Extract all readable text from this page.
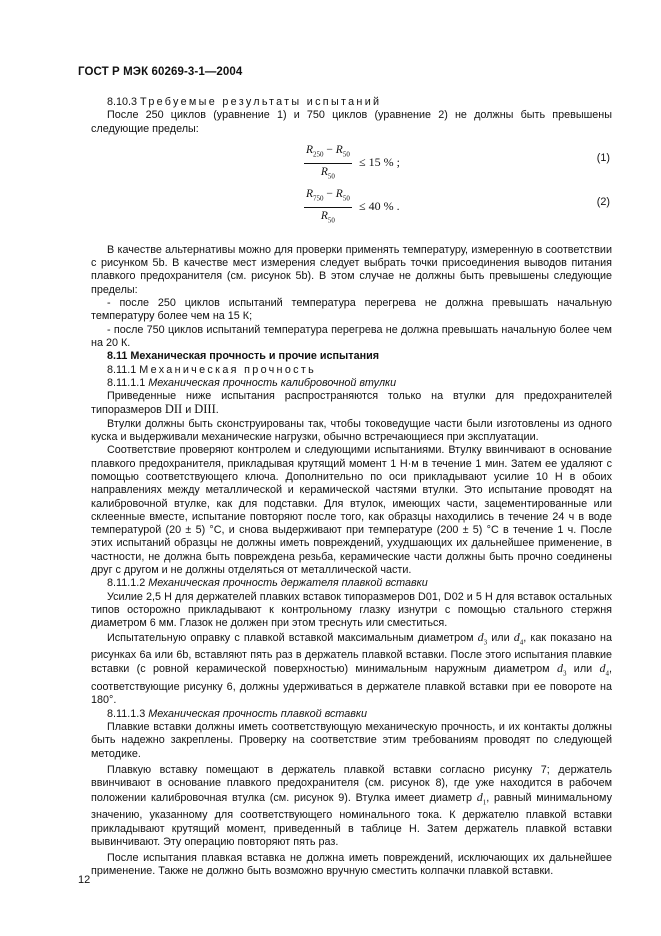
ГОСТ Р МЭК 60269-3-1—2004

8.10.3 Требуемые результаты испытаний

После 250 циклов (уравнение 1) и 750 циклов (уравнение 2) не должны быть превышены следующие пределы:

$\frac{R_{250} - R_{50}}{R_{50}} \le 15$ % ;	(1)
$\frac{R_{750} - R_{50}}{R_{50}} \le 40$ % .	(2)

В качестве альтернативы можно для проверки применять температуру, измеренную в соответствии с рисунком 5b. В качестве мест измерения следует выбрать точки присоединения выводов питания плавкого предохранителя (см. рисунок 5b). В этом случае не должны быть превышены следующие пределы:

- после 250 циклов испытаний температура перегрева не должна превышать начальную температуру более чем на 15 К;

- после 750 циклов испытаний температура перегрева не должна превышать начальную более чем на 20 К.

8.11 Механическая прочность и прочие испытания

8.11.1 Механическая прочность

8.11.1.1 Механическая прочность калибровочной втулки

Приведенные ниже испытания распространяются только на втулки для предохранителей типоразмеров DII и DIII.

Втулки должны быть сконструированы так, чтобы токоведущие части были изготовлены из одного куска и выдерживали механические нагрузки, обычно встречающиеся при эксплуатации.

Соответствие проверяют контролем и следующими испытаниями. Втулку ввинчивают в основание плавкого предохранителя, прикладывая крутящий момент 1 Н·м в течение 1 мин. Затем ее удаляют с помощью соответствующего ключа. Дополнительно по оси прикладывают усилие 10 Н в обоих направлениях между металлической и керамической частями втулки. Это испытание проводят на калибровочной втулке, как для подставки. Для втулок, имеющих части, зацементированные или склеенные вместе, испытание повторяют после того, как образцы находились в течение 24 ч в воде температурой (20 ± 5) °С, и снова выдерживают при температуре (200 ± 5) °С в течение 1 ч. После этих испытаний образцы не должны иметь повреждений, ухудшающих их дальнейшее применение, в частности, не должна быть повреждена резьба, керамические части должны быть прочно соединены друг с другом и не должны отделяться от металлической части.

8.11.1.2 Механическая прочность держателя плавкой вставки

Усилие 2,5 Н для держателей плавких вставок типоразмеров D01, D02 и 5 Н для вставок остальных типов осторожно прикладывают к контрольному глазку изнутри с помощью стального стержня диаметром 6 мм. Глазок не должен при этом треснуть или сместиться.

Испытательную оправку с плавкой вставкой максимальным диаметром $d_3$ или $d_4$, как показано на рисунках 6а или 6b, вставляют пять раз в держатель плавкой вставки. После этого испытания плавкие вставки (с ровной керамической поверхностью) минимальным наружным диаметром $d_3$ или $d_4$, соответствующие рисунку 6, должны удерживаться в держателе плавкой вставки при ее повороте на 180°.

8.11.1.3 Механическая прочность плавкой вставки

Плавкие вставки должны иметь соответствующую механическую прочность, и их контакты должны быть надежно закреплены. Проверку на соответствие этим требованиям проводят по следующей методике.

Плавкую вставку помещают в держатель плавкой вставки согласно рисунку 7; держатель ввинчивают в основание плавкого предохранителя (см. рисунок 8), где уже находится в рабочем положении калибровочная втулка (см. рисунок 9). Втулка имеет диаметр $d_1$, равный минимальному значению, указанному для соответствующего номинального тока. К держателю плавкой вставки прикладывают крутящий момент, приведенный в таблице Н. Затем держатель плавкой вставки вывинчивают. Эту операцию повторяют пять раз.

После испытания плавкая вставка не должна иметь повреждений, исключающих их дальнейшее применение. Также не должно быть возможно вручную сместить колпачки плавкой вставки.

12
